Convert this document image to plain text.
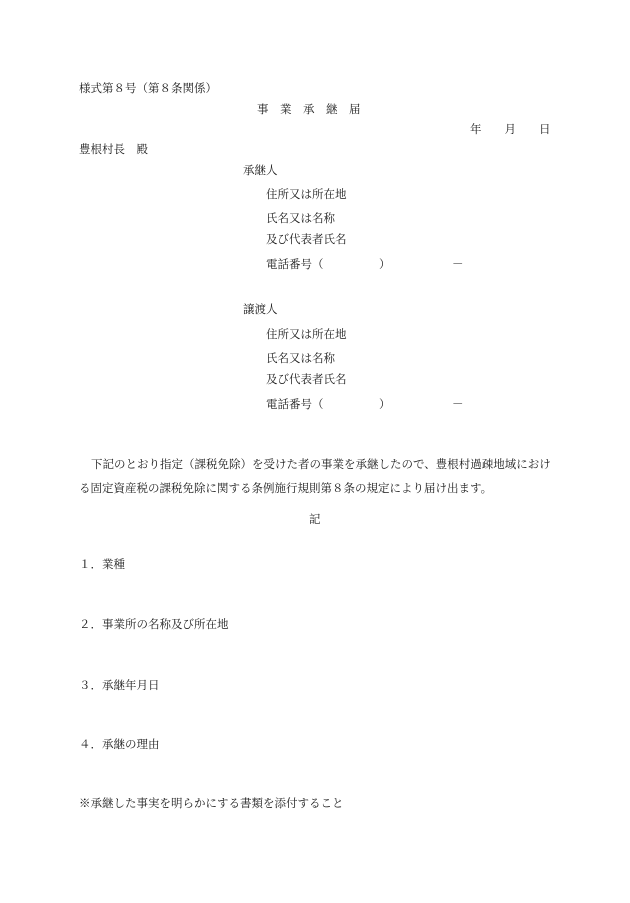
様式第８号（第８条関係）
事　業　承　継　届
年　　月　　日
豊根村長　殿
承継人
住所又は所在地
氏名又は名称
及び代表者氏名
電話番号（	）	－
譲渡人
住所又は所在地
氏名又は名称
及び代表者氏名
電話番号（	）	－
下記のとおり指定（課税免除）を受けた者の事業を承継したので、豊根村過疎地域における固定資産税の課税免除に関する条例施行規則第８条の規定により届け出ます。
記
１．業種
２．事業所の名称及び所在地
３．承継年月日
４．承継の理由
※承継した事実を明らかにする書類を添付すること
